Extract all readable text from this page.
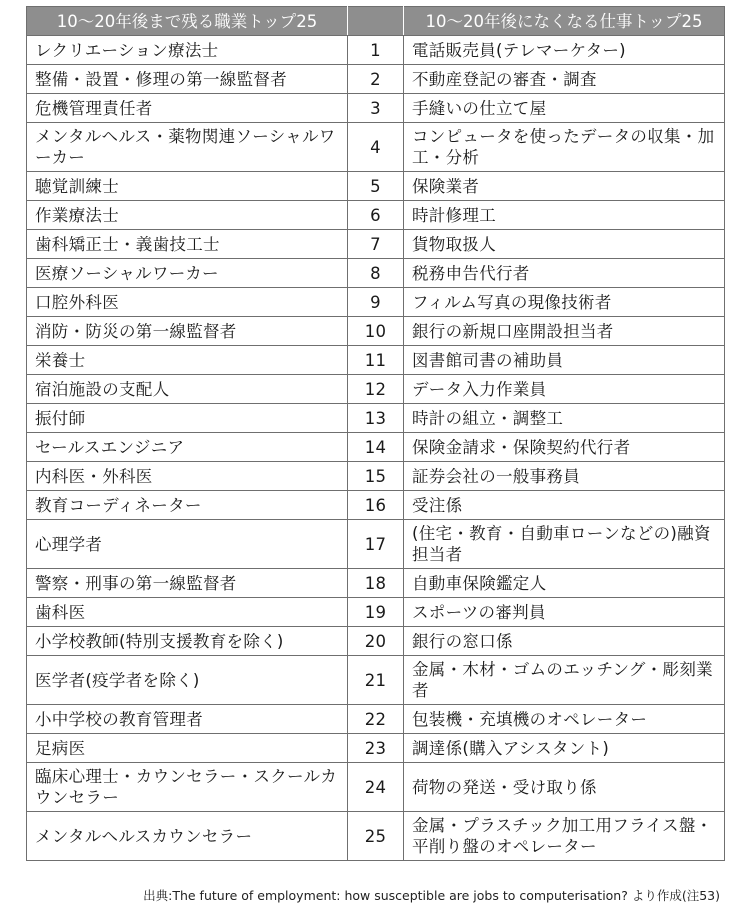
10〜20年後まで残る職業トップ25		10〜20年後になくなる仕事トップ25
レクリエーション療法士	1	電話販売員(テレマーケター)
整備・設置・修理の第一線監督者	2	不動産登記の審査・調査
危機管理責任者	3	手縫いの仕立て屋
メンタルヘルス・薬物関連ソーシャルワーカー	4	コンピュータを使ったデータの収集・加工・分析
聴覚訓練士	5	保険業者
作業療法士	6	時計修理工
歯科矯正士・義歯技工士	7	貨物取扱人
医療ソーシャルワーカー	8	税務申告代行者
口腔外科医	9	フィルム写真の現像技術者
消防・防災の第一線監督者	10	銀行の新規口座開設担当者
栄養士	11	図書館司書の補助員
宿泊施設の支配人	12	データ入力作業員
振付師	13	時計の組立・調整工
セールスエンジニア	14	保険金請求・保険契約代行者
内科医・外科医	15	証券会社の一般事務員
教育コーディネーター	16	受注係
心理学者	17	(住宅・教育・自動車ローンなどの)融資担当者
警察・刑事の第一線監督者	18	自動車保険鑑定人
歯科医	19	スポーツの審判員
小学校教師(特別支援教育を除く)	20	銀行の窓口係
医学者(疫学者を除く)	21	金属・木材・ゴムのエッチング・彫刻業者
小中学校の教育管理者	22	包装機・充填機のオペレーター
足病医	23	調達係(購入アシスタント)
臨床心理士・カウンセラー・スクールカウンセラー	24	荷物の発送・受け取り係
メンタルヘルスカウンセラー	25	金属・プラスチック加工用フライス盤・平削り盤のオペレーター
出典:The future of employment: how susceptible are jobs to computerisation? より作成(注53)
